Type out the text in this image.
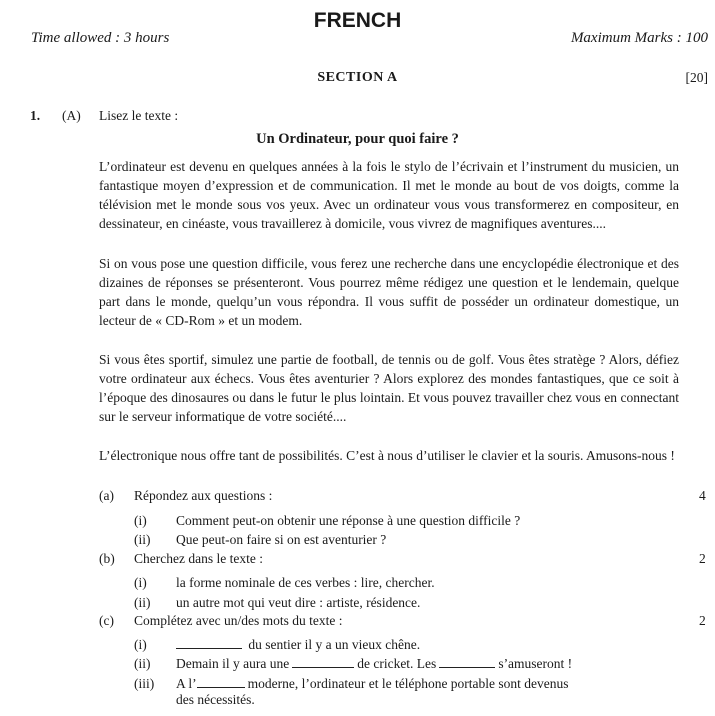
FRENCH
Time allowed : 3 hours	Maximum Marks : 100
SECTION A	[20]
1. (A) Lisez le texte :
Un Ordinateur, pour quoi faire ?
L’ordinateur est devenu en quelques années à la fois le stylo de l’écrivain et l’instrument du musicien, un fantastique moyen d’expression et de communication. Il met le monde au bout de vos doigts, comme la télévision met le monde sous vos yeux. Avec un ordinateur vous vous transformerez en compositeur, en dessinateur, en cinéaste, vous travaillerez à domicile, vous vivrez de magnifiques aventures....
Si on vous pose une question difficile, vous ferez une recherche dans une encyclopédie électronique et des dizaines de réponses se présenteront. Vous pourrez même rédigez une question et le lendemain, quelque part dans le monde, quelqu’un vous répondra. Il vous suffit de posséder un ordinateur domestique, un lecteur de « CD-Rom » et un modem.
Si vous êtes sportif, simulez une partie de football, de tennis ou de golf. Vous êtes stratège ? Alors, défiez votre ordinateur aux échecs. Vous êtes aventurier ? Alors explorez des mondes fantastiques, que ce soit à l’époque des dinosaures ou dans le futur le plus lointain. Et vous pouvez travailler chez vous en connectant sur le serveur informatique de votre société....
L’électronique nous offre tant de possibilités. C’est à nous d’utiliser le clavier et la souris. Amusons-nous !
(a) Répondez aux questions :	4
(i) Comment peut-on obtenir une réponse à une question difficile ?
(ii) Que peut-on faire si on est aventurier ?
(b) Cherchez dans le texte :	2
(i) la forme nominale de ces verbes : lire, chercher.
(ii) un autre mot qui veut dire : artiste, résidence.
(c) Complétez avec un/des mots du texte :	2
(i)	du sentier il y a un vieux chêne.
(ii) Demain il y aura une	de cricket. Les	s’amuseront !
(iii) A l’	moderne, l’ordinateur et le téléphone portable sont devenus
des nécessités.
